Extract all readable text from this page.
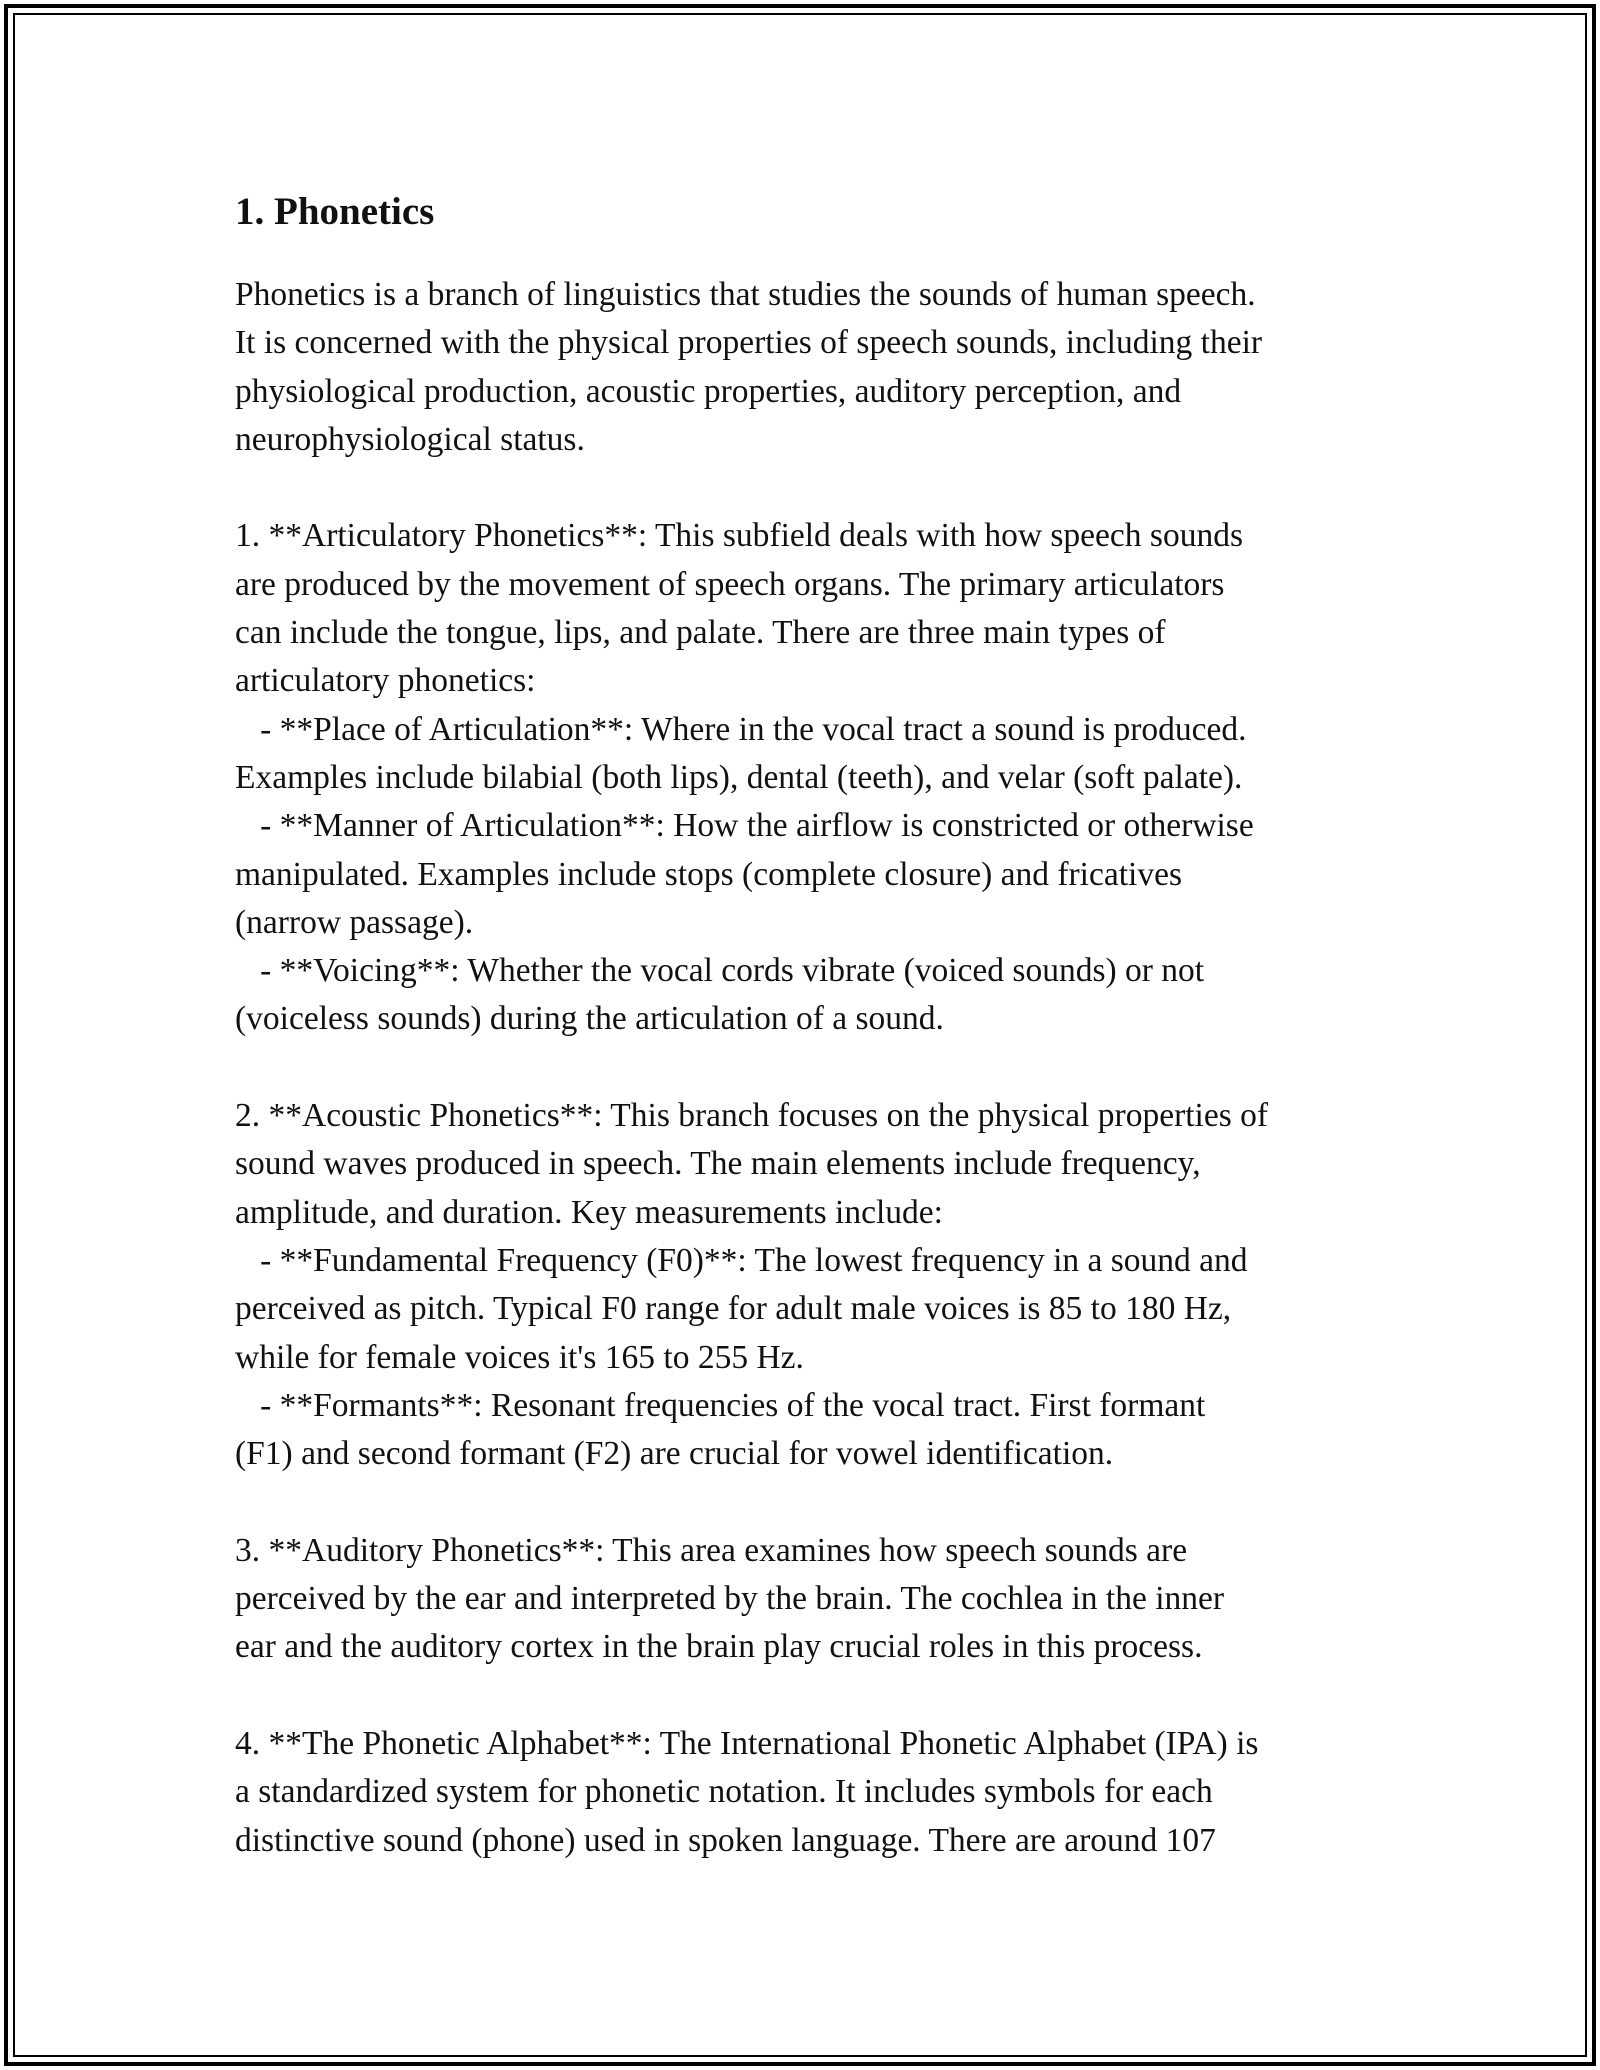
1. Phonetics
Phonetics is a branch of linguistics that studies the sounds of human speech.
It is concerned with the physical properties of speech sounds, including their
physiological production, acoustic properties, auditory perception, and
neurophysiological status.
1. **Articulatory Phonetics**: This subfield deals with how speech sounds
are produced by the movement of speech organs. The primary articulators
can include the tongue, lips, and palate. There are three main types of
articulatory phonetics:
- **Place of Articulation**: Where in the vocal tract a sound is produced.
Examples include bilabial (both lips), dental (teeth), and velar (soft palate).
- **Manner of Articulation**: How the airflow is constricted or otherwise
manipulated. Examples include stops (complete closure) and fricatives
(narrow passage).
- **Voicing**: Whether the vocal cords vibrate (voiced sounds) or not
(voiceless sounds) during the articulation of a sound.
2. **Acoustic Phonetics**: This branch focuses on the physical properties of
sound waves produced in speech. The main elements include frequency,
amplitude, and duration. Key measurements include:
- **Fundamental Frequency (F0)**: The lowest frequency in a sound and
perceived as pitch. Typical F0 range for adult male voices is 85 to 180 Hz,
while for female voices it's 165 to 255 Hz.
- **Formants**: Resonant frequencies of the vocal tract. First formant
(F1) and second formant (F2) are crucial for vowel identification.
3. **Auditory Phonetics**: This area examines how speech sounds are
perceived by the ear and interpreted by the brain. The cochlea in the inner
ear and the auditory cortex in the brain play crucial roles in this process.
4. **The Phonetic Alphabet**: The International Phonetic Alphabet (IPA) is
a standardized system for phonetic notation. It includes symbols for each
distinctive sound (phone) used in spoken language. There are around 107
